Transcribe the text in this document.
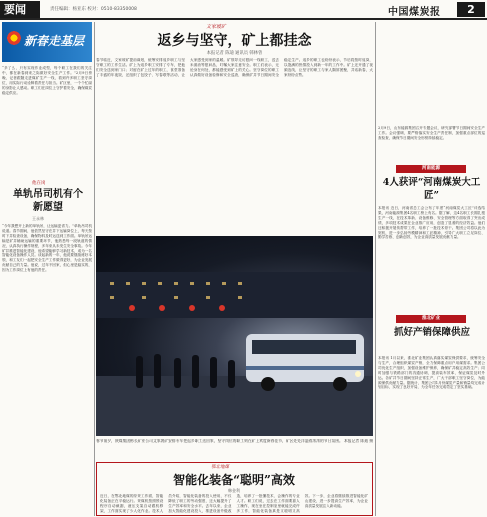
要闻	责任编辑：杨亚东 校对：0510-83350008	中国煤炭报	2
新春走基层
“多了么，只有实现作业成型，每个职工在我们的关注中，都在新春到来之际做好安全生产工作。”2月9日傍晚，记者跟随走进煤矿生产一线，看到许多职工坚守岗位，用实际行动诠释着责任与担当。矿区里，一个个忙碌的身影让人感动。职工们在岗位上守护着安全，确保煤炭稳定供应。
他在岗
单轨吊司机有个新愿望
王永林
“今年我想开上新的单轨吊，让运输更省力。”单轨吊司机说道。春节期间，他依然坚守在井下运输岗位上，每天按时下井检查设备，确保物料及时运送到工作面。单轨吊运输是矿井辅助运输的重要环节，他熟悉每一段轨道的情况，认真执行操作规程，多年来从未发生安全事故。今年矿井推进智能化建设，他希望能够学习新技术，成为一名智能化设备操作人员。谈起新的一年，他说要继续练好本领，和工友们一起把安全生产工作做得更好，为企业发展贡献自己的力量。他说，过年不回家，但心里是踏实的，因为工作岗位上有他的责任。
文家坡矿
返乡与坚守，矿上都挂念
本报记者 陈迪 通讯员 韩林曾
春节临近，文家坡矿提前谋划，统筹安排返乡职工与坚守职工的工作生活。矿上为返乡职工安排了专车，把他们安全送到家门口；对留在矿上过年的职工，食堂准备了丰盛的年夜饭，还组织了包饺子、写春联等活动，让大家感受到家的温暖。矿领导走访慰问一线职工，送去米面油等慰问品，叮嘱大家注意安全。职工们表示，无论身在何处，都能感受到矿上的关心。坚守岗位的职工认真做好设备检修和安全巡查，确保矿井节日期间安全稳定生产。返乡的职工也纷纷表示，节后将按时返岗，以饱满的热情投入到新一年的工作中。矿上还开通了视频连线，让坚守的职工与家人隔屏团聚，共话新春，大家纷纷点赞。
春节前夕，陕煤集团彬长矿业公司文家坡矿安排专车把返乡职工送回家，坚守岗位的职工则在矿上欢度新春佳节，矿区处处洋溢着浓浓的节日氛围。 本报记者 陈迪 摄
鄂北地煤
智能化装备“聪明”高效
韩金利
近日，在鄂北地煤的综采工作面，智能化装备正在平稳运行。采煤机按照预设程序自动截割，液压支架自动跟机移架，工作面实现了少人化作业。技术人员介绍，智能化装备的投入使用，不仅降低了职工的劳动强度，还大幅提升了生产效率和安全水平。去年以来，企业加大智能化建设投入，推进设备升级改造，培养了一批懂技术、会操作的专业人才。职工们说，过去在工作面要靠人工操作，现在坐在控制室里就能完成许多工作，智能化装备真是又聪明又高效。下一步，企业将继续推进智能化矿山建设，进一步提高生产效率，为企业高质量发展注入新动能。
2月9日，山东能源集团召开专题会议，研究部署节日期间安全生产工作。会议强调，要严格落实安全生产责任制，加强重点部位的巡查检查，确保节日期间安全形势持续稳定。
河南能源
4人获评“河南煤炭大工匠”
本报讯 近日，河南省总工会公布了年度“河南煤炭大工匠”评选结果，河南能源集团4名职工榜上有名。据了解，这4名职工长期扎根生产一线，在技术革新、设备维修、安全管理等方面取得了突出成绩，多项技术成果在企业推广应用，创造了显著的经济效益。他们还积极开展传帮带工作，培养了一批技术骨干。集团公司将以此为契机，进一步弘扬劳模精神和工匠精神，引导广大职工立足岗位、勤学苦练、创新创效，为企业高质量发展贡献力量。
淮北矿业
抓好产销保障供应
本报讯 1月以来，淮北矿业集团认真落实煤炭保供要求，统筹安全与生产，合理组织煤炭产销，全力保障重点用户用煤需求。集团公司优化生产组织，加强设备维护保养，确保矿井稳定高效生产；同时加强与铁路部门的沟通协调，提高装车效率，保证煤炭及时外运。各矿井节日期间坚持正常生产，广大干部职工坚守岗位，为能源保供贡献力量。据统计，集团公司1月份煤炭产量和销量均完成计划目标，实现了良好开局，为全年任务完成奠定了坚实基础。
